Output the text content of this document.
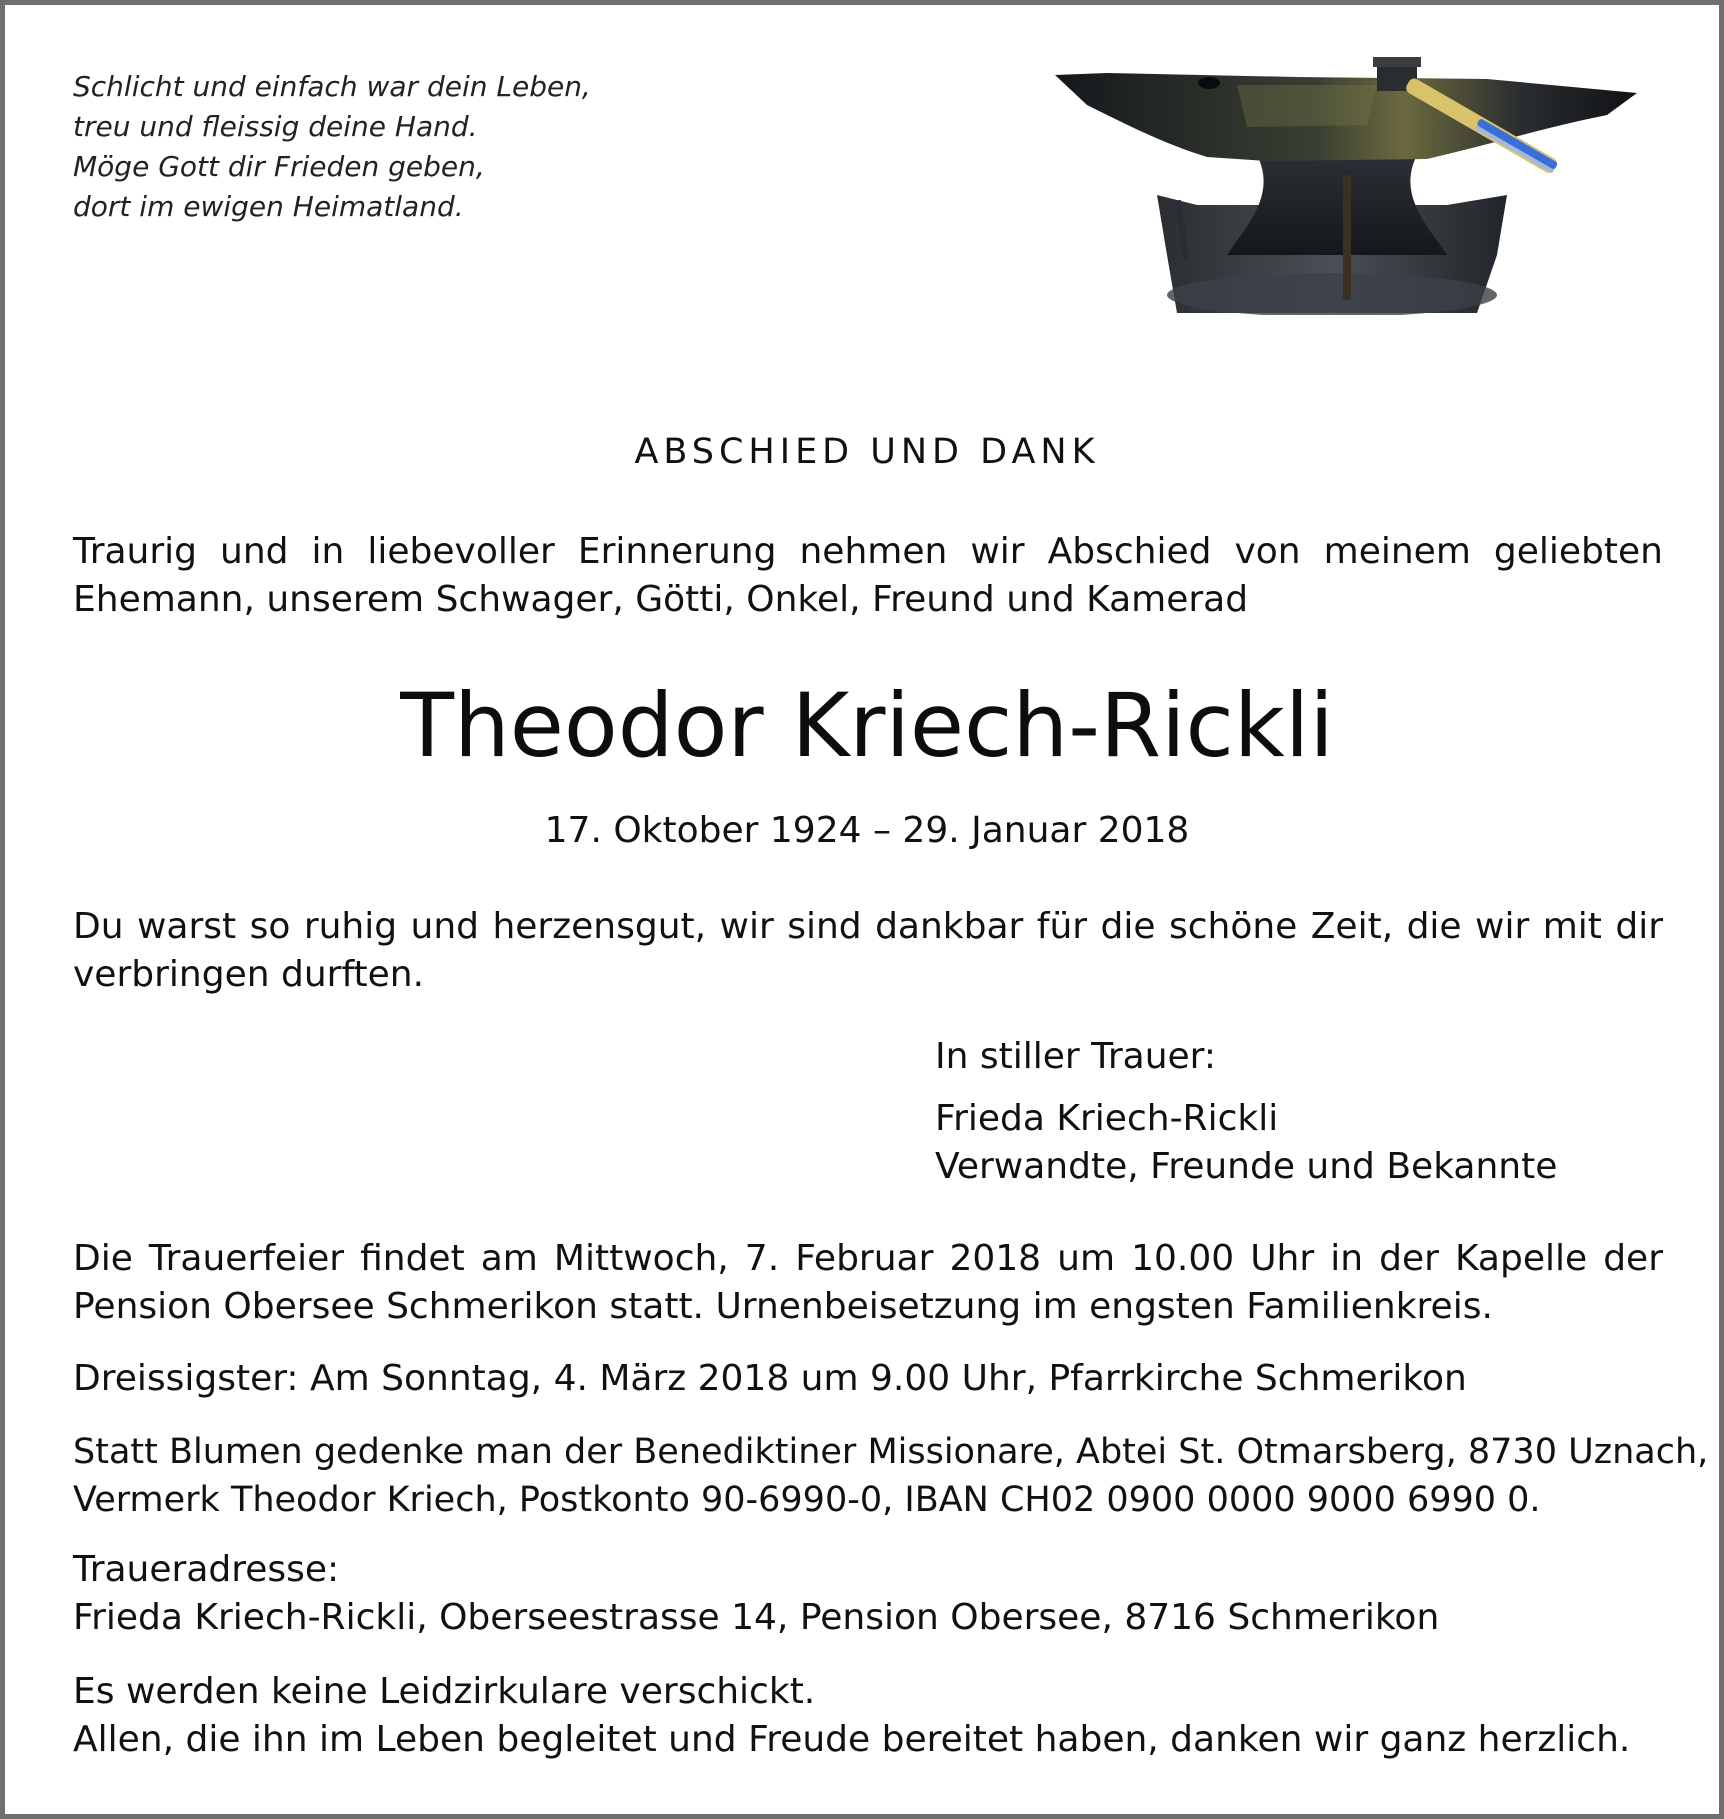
Schlicht und einfach war dein Leben,
treu und fleissig deine Hand.
Möge Gott dir Frieden geben,
dort im ewigen Heimatland.
ABSCHIED UND DANK
Traurig und in liebevoller Erinnerung nehmen wir Abschied von meinem geliebten
Ehemann, unserem Schwager, Götti, Onkel, Freund und Kamerad
Theodor Kriech-Rickli
17. Oktober 1924 – 29. Januar 2018
Du warst so ruhig und herzensgut, wir sind dankbar für die schöne Zeit, die wir mit dir
verbringen durften.
In stiller Trauer:
Frieda Kriech-Rickli
Verwandte, Freunde und Bekannte
Die Trauerfeier findet am Mittwoch, 7. Februar 2018 um 10.00 Uhr in der Kapelle der
Pension Obersee Schmerikon statt. Urnenbeisetzung im engsten Familienkreis.
Dreissigster: Am Sonntag, 4. März 2018 um 9.00 Uhr, Pfarrkirche Schmerikon
Statt Blumen gedenke man der Benediktiner Missionare, Abtei St. Otmarsberg, 8730 Uznach,
Vermerk Theodor Kriech, Postkonto 90-6990-0, IBAN CH02 0900 0000 9000 6990 0.
Traueradresse:
Frieda Kriech-Rickli, Oberseestrasse 14, Pension Obersee, 8716 Schmerikon
Es werden keine Leidzirkulare verschickt.
Allen, die ihn im Leben begleitet und Freude bereitet haben, danken wir ganz herzlich.
